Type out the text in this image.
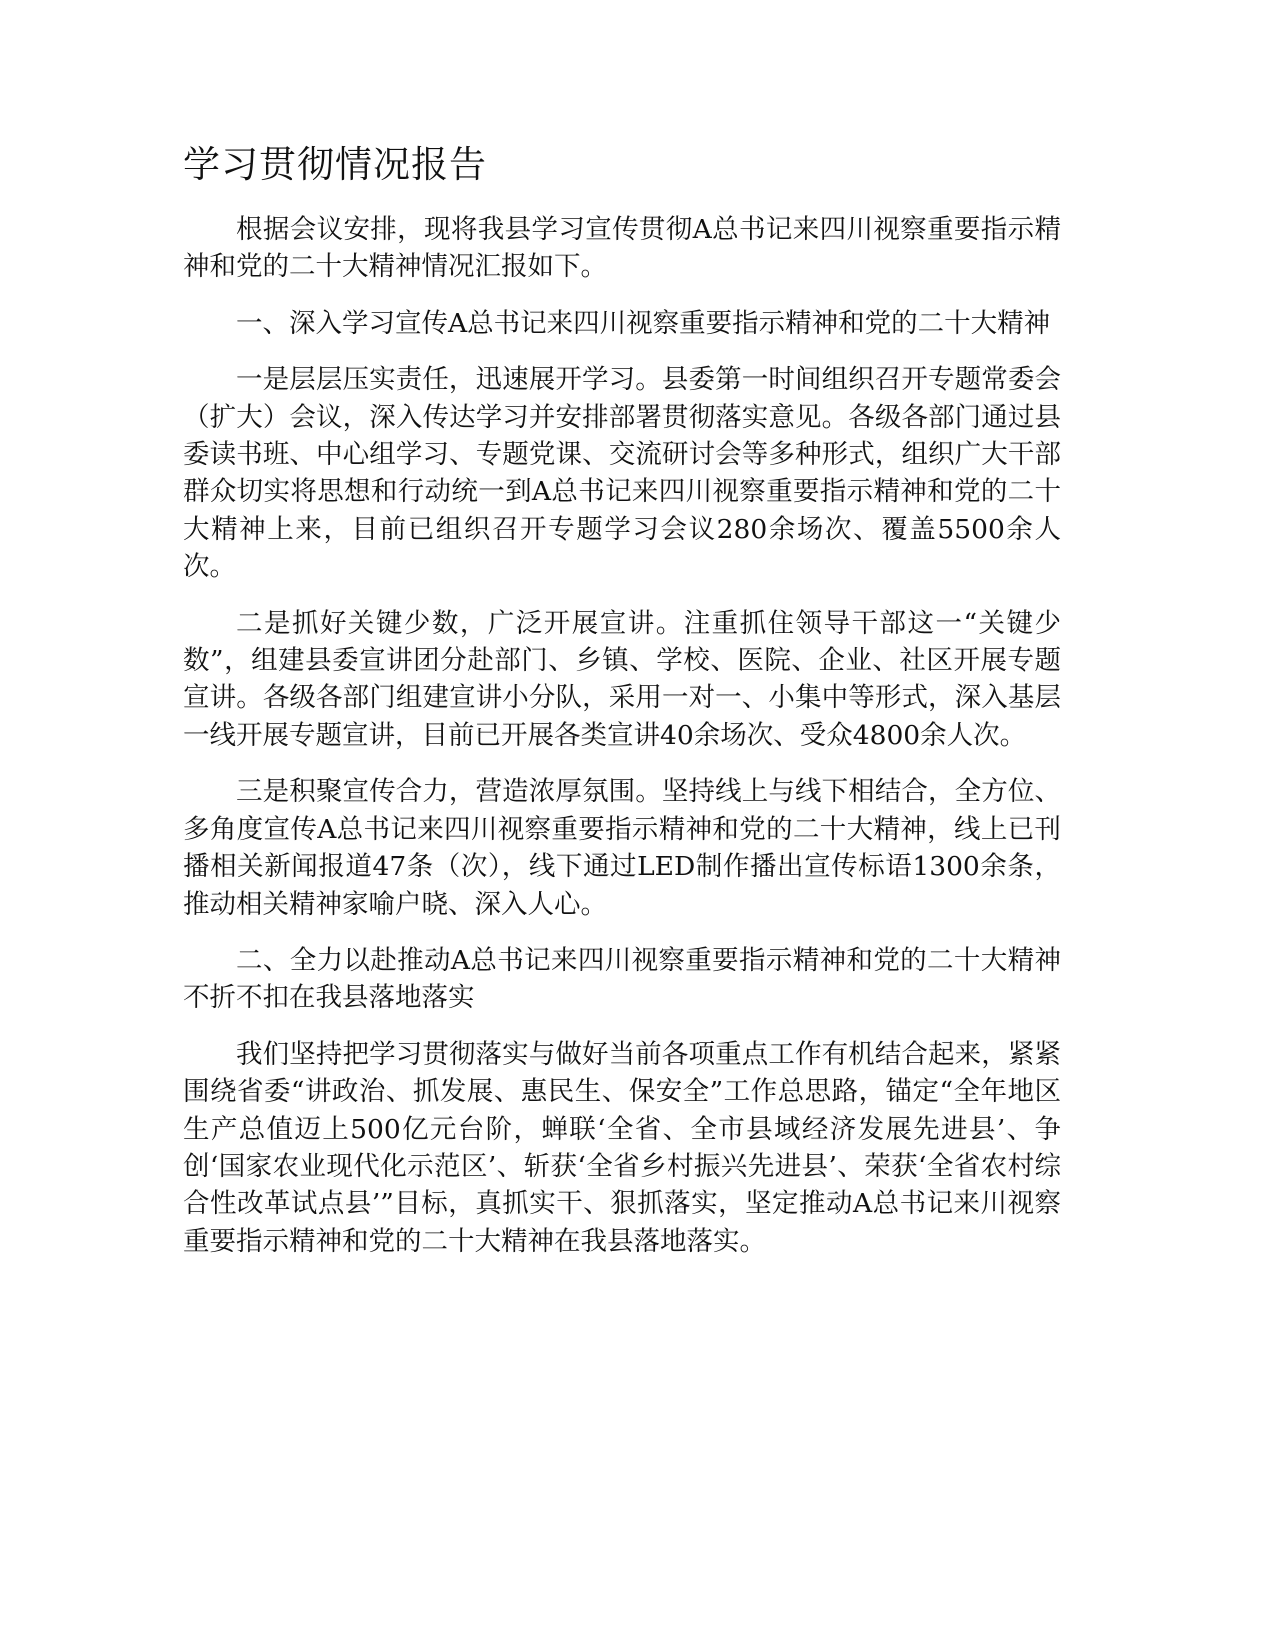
学习贯彻情况报告

根据会议安排，现将我县学习宣传贯彻A总书记来四川视察重要指示精神和党的二十大精神情况汇报如下。

一、深入学习宣传A总书记来四川视察重要指示精神和党的二十大精神

一是层层压实责任，迅速展开学习。县委第一时间组织召开专题常委会（扩大）会议，深入传达学习并安排部署贯彻落实意见。各级各部门通过县委读书班、中心组学习、专题党课、交流研讨会等多种形式，组织广大干部群众切实将思想和行动统一到A总书记来四川视察重要指示精神和党的二十大精神上来，目前已组织召开专题学习会议280余场次、覆盖5500余人次。

二是抓好关键少数，广泛开展宣讲。注重抓住领导干部这一“关键少数”，组建县委宣讲团分赴部门、乡镇、学校、医院、企业、社区开展专题宣讲。各级各部门组建宣讲小分队，采用一对一、小集中等形式，深入基层一线开展专题宣讲，目前已开展各类宣讲40余场次、受众4800余人次。

三是积聚宣传合力，营造浓厚氛围。坚持线上与线下相结合，全方位、多角度宣传A总书记来四川视察重要指示精神和党的二十大精神，线上已刊播相关新闻报道47条（次），线下通过LED制作播出宣传标语1300余条，推动相关精神家喻户晓、深入人心。

二、全力以赴推动A总书记来四川视察重要指示精神和党的二十大精神不折不扣在我县落地落实

我们坚持把学习贯彻落实与做好当前各项重点工作有机结合起来，紧紧围绕省委“讲政治、抓发展、惠民生、保安全”工作总思路，锚定“全年地区生产总值迈上500亿元台阶，蝉联‘全省、全市县域经济发展先进县’、争创‘国家农业现代化示范区’、斩获‘全省乡村振兴先进县’、荣获‘全省农村综合性改革试点县’”目标，真抓实干、狠抓落实，坚定推动A总书记来川视察重要指示精神和党的二十大精神在我县落地落实。
